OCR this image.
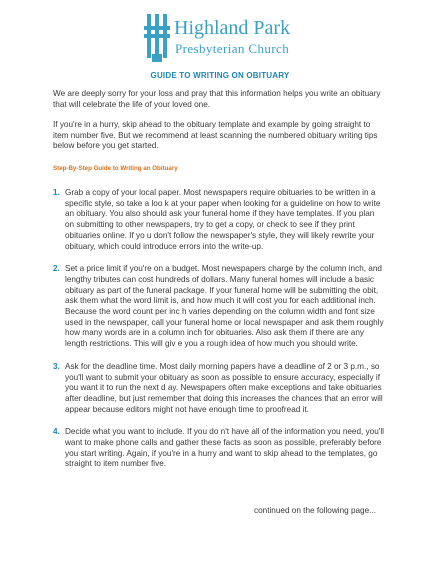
Highland Park
Presbyterian Church
GUIDE TO WRITING ON OBITUARY

We are deeply sorry for your loss and pray that this information helps you write an obituary that will celebrate the life of your loved one.

If you're in a hurry, skip ahead to the obituary template and example by going straight to item number five. But we recommend at least scanning the numbered obituary writing tips below before you get started.

Step-By-Step Guide to Writing an Obituary
1 . Grab a copy of your local paper. Most newspapers require obituaries to be written in a specific style, so take a loo k at your paper when looking for a guideline on how to write an obituary. You also should ask your funeral home if they have templates. If you plan on submitting to other newspapers, try to get a copy, or check to see if they print obituaries online. If yo u don't follow the newspaper's style, they will likely rewrite your obituary, which could introduce errors into the write-up.
2 . Set a price limit if you're on a budget. Most newspapers charge by the column inch, and lengthy tributes can cost hundreds of dollars. Many funeral homes will include a basic obituary as part of the funeral package. If your funeral home will be submitting the obit, ask them what the word limit is, and how much it will cost you for each additional inch. Because the word count per inc h varies depending on the column width and font size used in the newspaper, call your funeral home or local newspaper and ask them roughly how many words are in a column inch for obituaries. Also ask them if there are any length restrictions. This will giv e you a rough idea of how much you should write.
3 . Ask for the deadline time. Most daily morning papers have a deadline of 2 or 3 p.m., so you'll want to submit your obituary as soon as possible to ensure accuracy, especially if you want it to run the next d ay. Newspapers often make exceptions and take obituaries after deadline, but just remember that doing this increases the chances that an error will appear because editors might not have enough time to proofread it.
4 . Decide what you want to include. If you do n't have all of the information you need, you'll want to make phone calls and gather these facts as soon as possible, preferably before you start writing. Again, if you're in a hurry and want to skip ahead to the templates, go straight to item number five.
continued on the following page...
